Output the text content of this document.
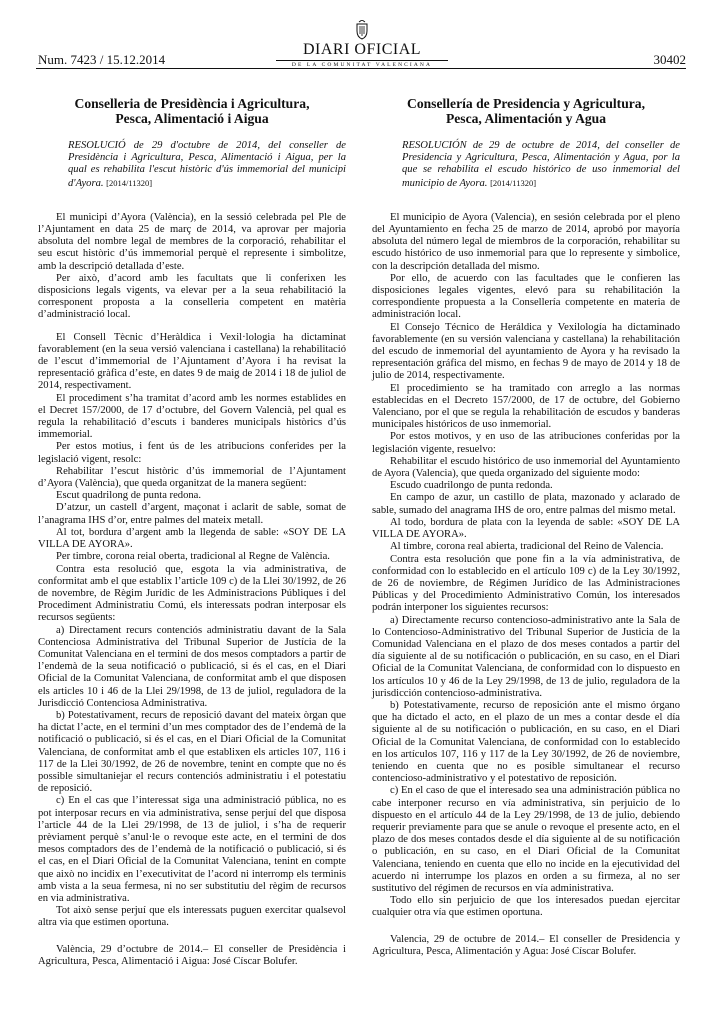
Num. 7423 / 15.12.2014
DIARI OFICIAL
DE LA COMUNITAT VALENCIANA	30402
Conselleria de Presidència i Agricultura,
Pesca, Alimentació i Aigua
RESOLUCIÓ de 29 d'octubre de 2014, del conseller de Presidència i Agricultura, Pesca, Alimentació i Aigua, per la qual es rehabilita l'escut històric d'ús immemorial del municipi d'Ayora. [2014/11320]

El municipi d’Ayora (València), en la sessió celebrada pel Ple de l’Ajuntament en data 25 de març de 2014, va aprovar per majoria absoluta del nombre legal de membres de la corporació, rehabilitar el seu escut històric d’ús immemorial perquè el represente i simbolitze, amb la descripció detallada d’este.

Per això, d’acord amb les facultats que li conferixen les disposicions legals vigents, va elevar per a la seua rehabilitació la corresponent proposta a la conselleria competent en matèria d’administració local.

El Consell Tècnic d’Heràldica i Vexil·lologia ha dictaminat favorablement (en la seua versió valenciana i castellana) la rehabilitació de l’escut d’immemorial de l’Ajuntament d’Ayora i ha revisat la representació gràfica d’este, en dates 9 de maig de 2014 i 18 de juliol de 2014, respectivament.

El procediment s’ha tramitat d’acord amb les normes establides en el Decret 157/2000, de 17 d’octubre, del Govern Valencià, pel qual es regula la rehabilitació d’escuts i banderes municipals històrics d’ús immemorial.

Per estos motius, i fent ús de les atribucions conferides per la legislació vigent, resolc:

Rehabilitar l’escut històric d’ús immemorial de l’Ajuntament d’Ayora (València), que queda organitzat de la manera següent:

Escut quadrilong de punta redona.

D’atzur, un castell d’argent, maçonat i aclarit de sable, somat de l’anagrama IHS d’or, entre palmes del mateix metall.

Al tot, bordura d’argent amb la llegenda de sable: «SOY DE LA VILLA DE AYORA».

Per timbre, corona reial oberta, tradicional al Regne de València.

Contra esta resolució que, esgota la via administrativa, de conformitat amb el que establix l’article 109 c) de la Llei 30/1992, de 26 de novembre, de Règim Jurídic de les Administracions Públiques i del Procediment Administratiu Comú, els interessats podran interposar els recursos següents:

a) Directament recurs contenciós administratiu davant de la Sala Contenciosa Administrativa del Tribunal Superior de Justícia de la Comunitat Valenciana en el termini de dos mesos comptadors a partir de l’endemà de la seua notificació o publicació, si és el cas, en el Diari Oficial de la Comunitat Valenciana, de conformitat amb el que disposen els articles 10 i 46 de la Llei 29/1998, de 13 de juliol, reguladora de la Jurisdicció Contenciosa Administrativa.

b) Potestativament, recurs de reposició davant del mateix òrgan que ha dictat l’acte, en el termini d’un mes comptador des de l’endemà de la notificació o publicació, si és el cas, en el Diari Oficial de la Comunitat Valenciana, de conformitat amb el que establixen els articles 107, 116 i 117 de la Llei 30/1992, de 26 de novembre, tenint en compte que no és possible simultaniejar el recurs contenciós administratiu i el potestatiu de reposició.

c) En el cas que l’interessat siga una administració pública, no es pot interposar recurs en via administrativa, sense perjuí del que disposa l’article 44 de la Llei 29/1998, de 13 de juliol, i s’ha de requerir prèviament perquè s’anul·le o revoque este acte, en el termini de dos mesos comptadors des de l’endemà de la notificació o publicació, si és el cas, en el Diari Oficial de la Comunitat Valenciana, tenint en compte que això no incidix en l’executivitat de l’acord ni interromp els terminis amb vista a la seua fermesa, ni no ser substitutiu del règim de recursos en via administrativa.

Tot això sense perjuí que els interessats puguen exercitar qualsevol altra via que estimen oportuna.

València, 29 d’octubre de 2014.– El conseller de Presidència i Agricultura, Pesca, Alimentació i Aigua: José Císcar Bolufer.

Consellería de Presidencia y Agricultura,
Pesca, Alimentación y Agua
RESOLUCIÓN de 29 de octubre de 2014, del conseller de Presidencia y Agricultura, Pesca, Alimentación y Agua, por la que se rehabilita el escudo histórico de uso inmemorial del municipio de Ayora. [2014/11320]

El municipio de Ayora (Valencia), en sesión celebrada por el pleno del Ayuntamiento en fecha 25 de marzo de 2014, aprobó por mayoría absoluta del número legal de miembros de la corporación, rehabilitar su escudo histórico de uso inmemorial para que lo represente y simbolice, con la descripción detallada del mismo.

Por ello, de acuerdo con las facultades que le confieren las disposiciones legales vigentes, elevó para su rehabilitación la correspondiente propuesta a la Consellería competente en materia de administración local.

El Consejo Técnico de Heráldica y Vexilología ha dictaminado favorablemente (en su versión valenciana y castellana) la rehabilitación del escudo de inmemorial del ayuntamiento de Ayora y ha revisado la representación gráfica del mismo, en fechas 9 de mayo de 2014 y 18 de julio de 2014, respectivamente.

El procedimiento se ha tramitado con arreglo a las normas establecidas en el Decreto 157/2000, de 17 de octubre, del Gobierno Valenciano, por el que se regula la rehabilitación de escudos y banderas municipales históricos de uso inmemorial.

Por estos motivos, y en uso de las atribuciones conferidas por la legislación vigente, resuelvo:

Rehabilitar el escudo histórico de uso inmemorial del Ayuntamiento de Ayora (Valencia), que queda organizado del siguiente modo:

Escudo cuadrilongo de punta redonda.

En campo de azur, un castillo de plata, mazonado y aclarado de sable, sumado del anagrama IHS de oro, entre palmas del mismo metal.

Al todo, bordura de plata con la leyenda de sable: «SOY DE LA VILLA DE AYORA».

Al timbre, corona real abierta, tradicional del Reino de Valencia.

Contra esta resolución que pone fin a la vía administrativa, de conformidad con lo establecido en el artículo 109 c) de la Ley 30/1992, de 26 de noviembre, de Régimen Jurídico de las Administraciones Públicas y del Procedimiento Administrativo Común, los interesados podrán interponer los siguientes recursos:

a) Directamente recurso contencioso-administrativo ante la Sala de lo Contencioso-Administrativo del Tribunal Superior de Justicia de la Comunidad Valenciana en el plazo de dos meses contados a partir del día siguiente al de su notificación o publicación, en su caso, en el Diari Oficial de la Comunitat Valenciana, de conformidad con lo dispuesto en los artículos 10 y 46 de la Ley 29/1998, de 13 de julio, reguladora de la jurisdicción contencioso-administrativa.

b) Potestativamente, recurso de reposición ante el mismo órgano que ha dictado el acto, en el plazo de un mes a contar desde el día siguiente al de su notificación o publicación, en su caso, en el Diari Oficial de la Comunitat Valenciana, de conformidad con lo establecido en los artículos 107, 116 y 117 de la Ley 30/1992, de 26 de noviembre, teniendo en cuenta que no es posible simultanear el recurso contencioso-administrativo y el potestativo de reposición.

c) En el caso de que el interesado sea una administración pública no cabe interponer recurso en vía administrativa, sin perjuicio de lo dispuesto en el artículo 44 de la Ley 29/1998, de 13 de julio, debiendo requerir previamente para que se anule o revoque el presente acto, en el plazo de dos meses contados desde el día siguiente al de su notificación o publicación, en su caso, en el Diari Oficial de la Comunitat Valenciana, teniendo en cuenta que ello no incide en la ejecutividad del acuerdo ni interrumpe los plazos en orden a su firmeza, al no ser sustitutivo del régimen de recursos en vía administrativa.

Todo ello sin perjuicio de que los interesados puedan ejercitar cualquier otra vía que estimen oportuna.

Valencia, 29 de octubre de 2014.– El conseller de Presidencia y Agricultura, Pesca, Alimentación y Agua: José Císcar Bolufer.
